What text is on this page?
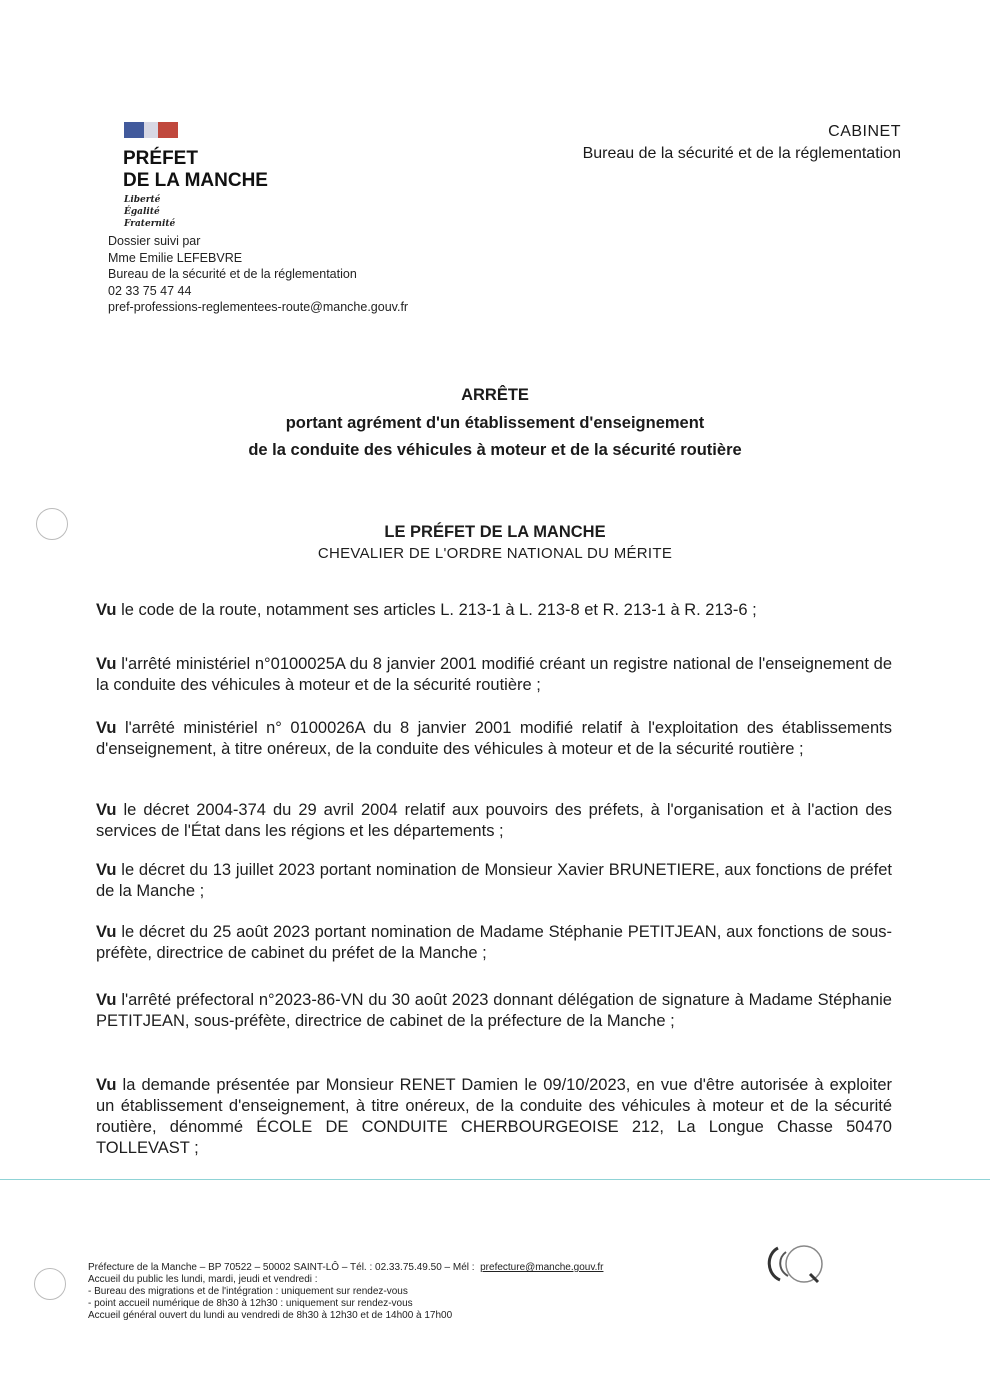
PRÉFET
DE LA MANCHE
Liberté
Égalité
Fraternité
Dossier suivi par
Mme Emilie LEFEBVRE
Bureau de la sécurité et de la réglementation
02 33 75 47 44
pref-professions-reglementees-route@manche.gouv.fr
CABINET
Bureau de la sécurité et de la réglementation
ARRÊTE
portant agrément d'un établissement d'enseignement
de la conduite des véhicules à moteur et de la sécurité routière
LE PRÉFET DE LA MANCHE
CHEVALIER DE L'ORDRE NATIONAL DU MÉRITE
Vu le code de la route, notamment ses articles L. 213-1 à L. 213-8 et R. 213-1 à R. 213-6 ;
Vu l'arrêté ministériel n°0100025A du 8 janvier 2001 modifié créant un registre national de l'enseignement de la conduite des véhicules à moteur et de la sécurité routière ;
Vu l'arrêté ministériel n° 0100026A du 8 janvier 2001 modifié relatif à l'exploitation des établissements d'enseignement, à titre onéreux, de la conduite des véhicules à moteur et de la sécurité routière ;
Vu le décret 2004-374 du 29 avril 2004 relatif aux pouvoirs des préfets, à l'organisation et à l'action des services de l'État dans les régions et les départements ;
Vu le décret du 13 juillet 2023 portant nomination de Monsieur Xavier BRUNETIERE, aux fonctions de préfet de la Manche ;
Vu le décret du 25 août 2023 portant nomination de Madame Stéphanie PETITJEAN, aux fonctions de sous-préfète, directrice de cabinet du préfet de la Manche ;
Vu l'arrêté préfectoral n°2023-86-VN du 30 août 2023 donnant délégation de signature à Madame Stéphanie PETITJEAN, sous-préfète, directrice de cabinet de la préfecture de la Manche ;
Vu la demande présentée par Monsieur RENET Damien le 09/10/2023, en vue d'être autorisée à exploiter un établissement d'enseignement, à titre onéreux, de la conduite des véhicules à moteur et de la sécurité routière, dénommé ÉCOLE DE CONDUITE CHERBOURGEOISE 212, La Longue Chasse 50470 TOLLEVAST ;
Préfecture de la Manche – BP 70522 – 50002 SAINT-LÔ – Tél. : 02.33.75.49.50 – Mél : prefecture@manche.gouv.fr
Accueil du public les lundi, mardi, jeudi et vendredi :
- Bureau des migrations et de l'intégration : uniquement sur rendez-vous
- point accueil numérique de 8h30 à 12h30 : uniquement sur rendez-vous
Accueil général ouvert du lundi au vendredi de 8h30 à 12h30 et de 14h00 à 17h00
